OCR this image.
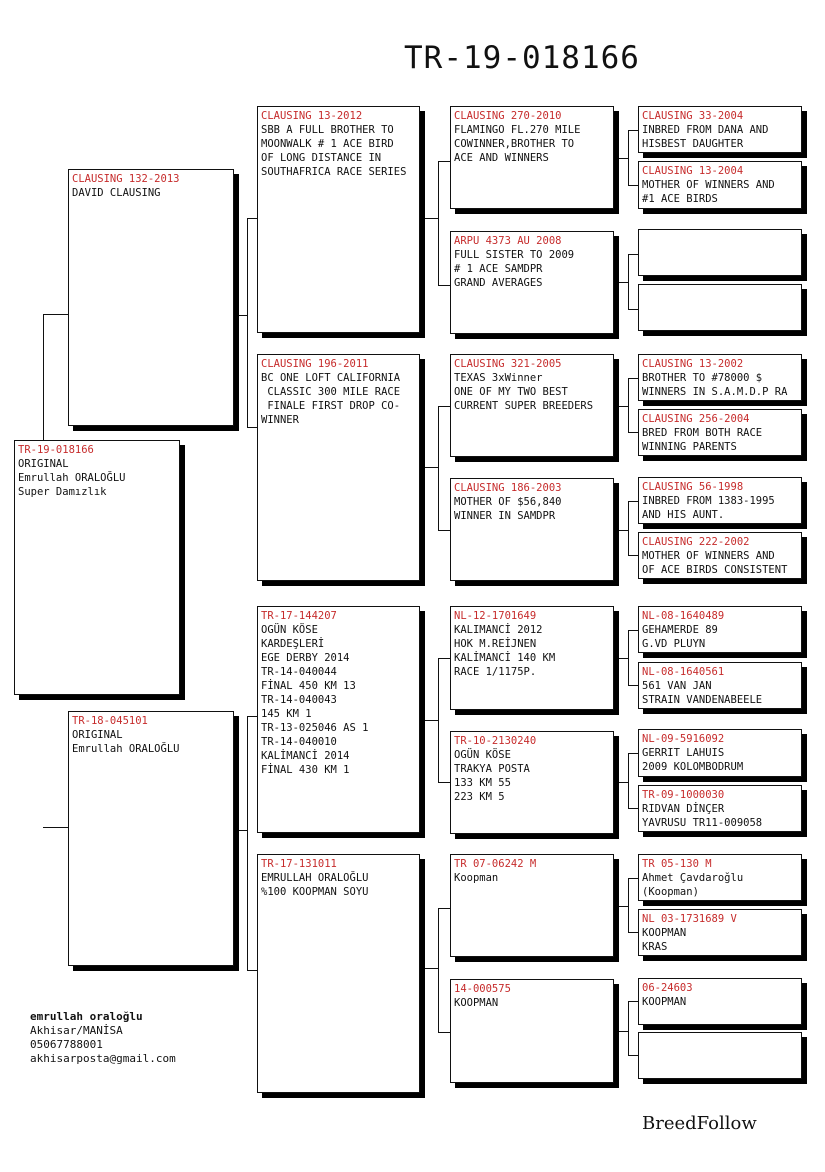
TR-19-018166
TR-19-018166
ORIGINAL
Emrullah ORALOĞLU
Super Damızlık
CLAUSING 132-2013
DAVID CLAUSING
TR-18-045101
ORIGINAL
Emrullah ORALOĞLU
CLAUSING 13-2012
SBB A FULL BROTHER TO
MOONWALK # 1 ACE BIRD
OF LONG DISTANCE IN
SOUTHAFRICA RACE SERIES
CLAUSING 196-2011
BC ONE LOFT CALIFORNIA
CLASSIC 300 MILE RACE
FINALE FIRST DROP CO-
WINNER
TR-17-144207
OGÜN KÖSE
KARDEŞLERİ
EGE DERBY 2014
TR-14-040044
FİNAL 450 KM 13
TR-14-040043
145 KM 1
TR-13-025046 AS 1
TR-14-040010
KALİMANCİ 2014
FİNAL 430 KM 1
TR-17-131011
EMRULLAH ORALOĞLU
%100 KOOPMAN SOYU
CLAUSING 270-2010
FLAMINGO FL.270 MILE
COWINNER,BROTHER TO
ACE AND WINNERS
ARPU 4373 AU 2008
FULL SISTER TO 2009
# 1 ACE SAMDPR
GRAND AVERAGES
CLAUSING 321-2005
TEXAS 3xWinner
ONE OF MY TWO BEST
CURRENT SUPER BREEDERS
CLAUSING 186-2003
MOTHER OF $56,840
WINNER IN SAMDPR
NL-12-1701649
KALIMANCİ 2012
HOK M.REİJNEN
KALİMANCİ 140 KM
RACE 1/1175P.
TR-10-2130240
OGÜN KÖSE
TRAKYA POSTA
133 KM 55
223 KM 5
TR 07-06242 M
Koopman
14-000575
KOOPMAN
CLAUSING 33-2004
INBRED FROM DANA AND
HISBEST DAUGHTER
CLAUSING 13-2004
MOTHER OF WINNERS AND
#1 ACE BIRDS
CLAUSING 13-2002
BROTHER TO #78000 $
WINNERS IN S.A.M.D.P RA
CLAUSING 256-2004
BRED FROM BOTH RACE
WINNING PARENTS
CLAUSING 56-1998
INBRED FROM 1383-1995
AND HIS AUNT.
CLAUSING 222-2002
MOTHER OF WINNERS AND
OF ACE BIRDS CONSISTENT
NL-08-1640489
GEHAMERDE 89
G.VD PLUYN
NL-08-1640561
561 VAN JAN
STRAIN VANDENABEELE
NL-09-5916092
GERRIT LAHUIS
2009 KOLOMBODRUM
TR-09-1000030
RIDVAN DİNÇER
YAVRUSU TR11-009058
TR 05-130 M
Ahmet Çavdaroğlu
(Koopman)
NL 03-1731689 V
KOOPMAN
KRAS
06-24603
KOOPMAN
emrullah oraloğlu
Akhisar/MANİSA
05067788001
akhisarposta@gmail.com
BreedFollow
